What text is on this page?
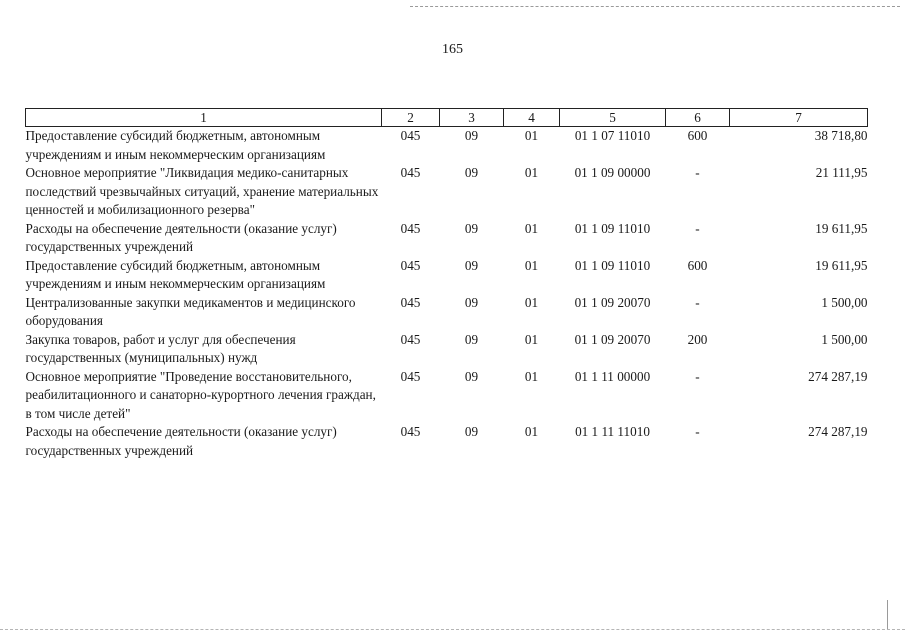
165
1	2	3	4	5	6	7
Предоставление субсидий бюджетным, автономным учреждениям и иным некоммерческим организациям	045	09	01	01 1 07 11010	600	38 718,80
Основное мероприятие "Ликвидация медико-санитарных последствий чрезвычайных ситуаций, хранение материальных ценностей и мобилизационного резерва"	045	09	01	01 1 09 00000	-	21 111,95
Расходы на обеспечение деятельности (оказание услуг) государственных учреждений	045	09	01	01 1 09 11010	-	19 611,95
Предоставление субсидий бюджетным, автономным учреждениям и иным некоммерческим организациям	045	09	01	01 1 09 11010	600	19 611,95
Централизованные закупки медикаментов и медицинского оборудования	045	09	01	01 1 09 20070	-	1 500,00
Закупка товаров, работ и услуг для обеспечения государственных (муниципальных) нужд	045	09	01	01 1 09 20070	200	1 500,00
Основное мероприятие "Проведение восстановительного, реабилитационного и санаторно-курортного лечения граждан, в том числе детей"	045	09	01	01 1 11 00000	-	274 287,19
Расходы на обеспечение деятельности (оказание услуг) государственных учреждений	045	09	01	01 1 11 11010	-	274 287,19
